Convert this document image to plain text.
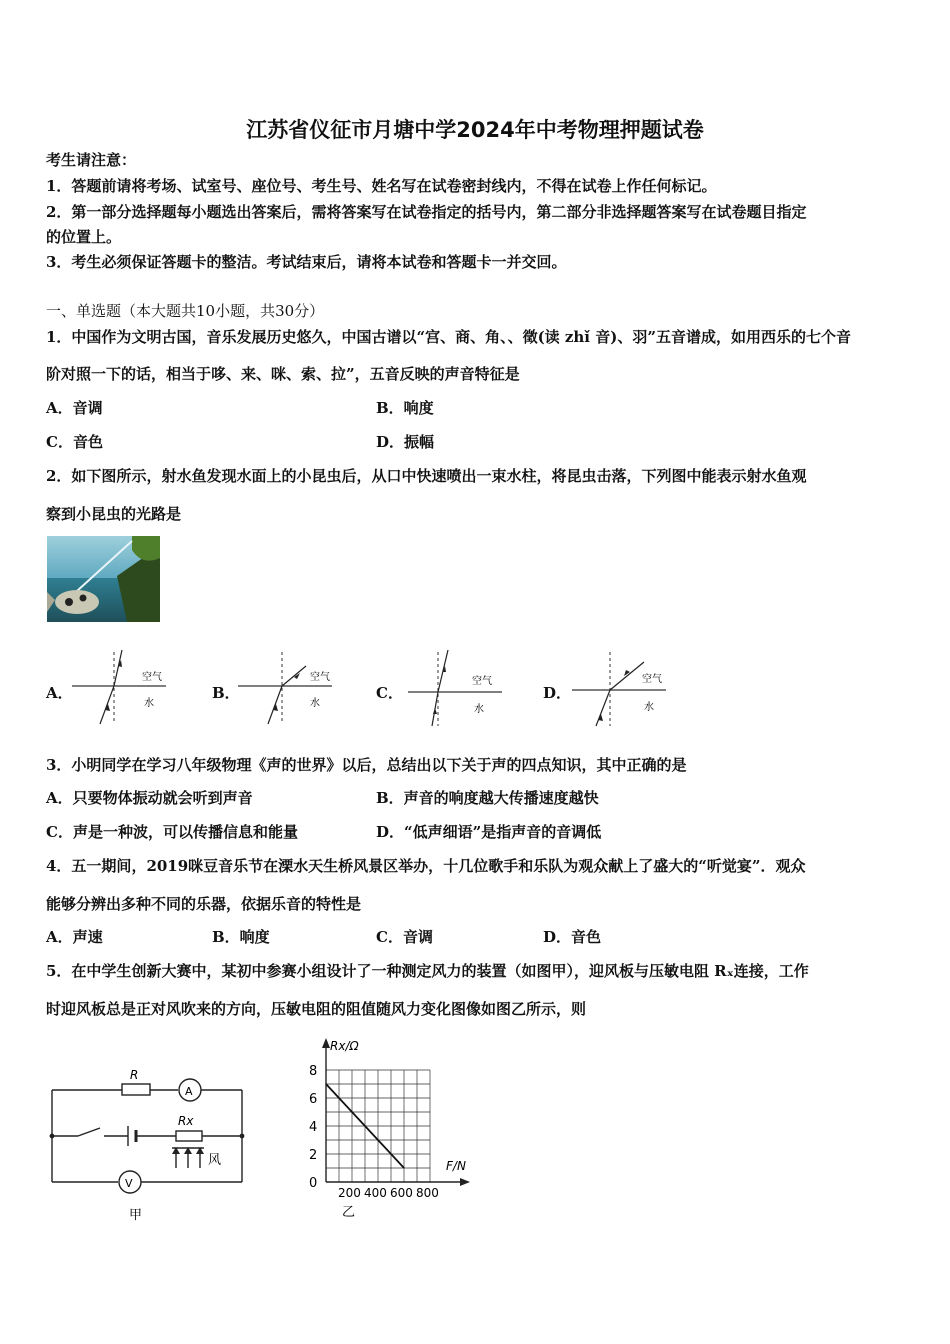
江苏省仪征市月塘中学2024年中考物理押题试卷
考生请注意：
1．答题前请将考场、试室号、座位号、考生号、姓名写在试卷密封线内，不得在试卷上作任何标记。
2．第一部分选择题每小题选出答案后，需将答案写在试卷指定的括号内，第二部分非选择题答案写在试卷题目指定
的位置上。
3．考生必须保证答题卡的整洁。考试结束后，请将本试卷和答题卡一并交回。
一、单选题（本大题共10小题，共30分）
1．中国作为文明古国，音乐发展历史悠久，中国古谱以“宫、商、角、、徵(读 zhǐ 音)、羽”五音谱成，如用西乐的七个音
阶对照一下的话，相当于哆、来、咪、索、拉”，五音反映的声音特征是
A．音调	B．响度
C．音色	D．振幅
2．如下图所示，射水鱼发现水面上的小昆虫后，从口中快速喷出一束水柱，将昆虫击落，下列图中能表示射水鱼观
察到小昆虫的光路是
A．	B．	C．	D．
空气
水
空气
水
空气
水
空气
水
3．小明同学在学习八年级物理《声的世界》以后，总结出以下关于声的四点知识，其中正确的是
A．只要物体振动就会听到声音	B．声音的响度越大传播速度越快
C．声是一种波，可以传播信息和能量	D．“低声细语”是指声音的音调低
4．五一期间，2019咪豆音乐节在溧水天生桥风景区举办，十几位歌手和乐队为观众献上了盛大的“听觉宴”．观众
能够分辨出多种不同的乐器，依据乐音的特性是
A．声速	B．响度	C．音调	D．音色
5．在中学生创新大赛中，某初中参赛小组设计了一种测定风力的装置（如图甲），迎风板与压敏电阻 Rₓ连接，工作
时迎风板总是正对风吹来的方向，压敏电阻的阻值随风力变化图像如图乙所示，则
R
A
Rx
风
V
甲
Rx/Ω
F/N
乙
0
2
4
6
8
200 400 600 800
